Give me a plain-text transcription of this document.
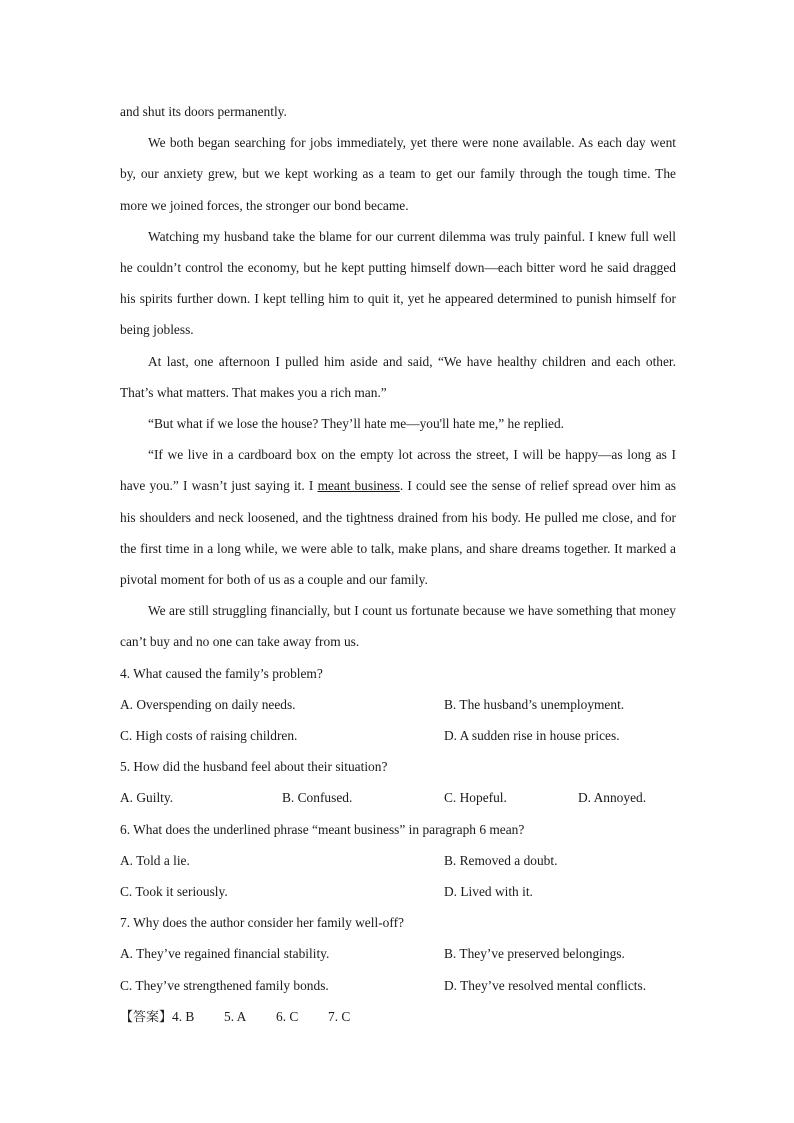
and shut its doors permanently.
We both began searching for jobs immediately, yet there were none available. As each day went by, our anxiety grew, but we kept working as a team to get our family through the tough time. The more we joined forces, the stronger our bond became.
Watching my husband take the blame for our current dilemma was truly painful. I knew full well he couldn’t control the economy, but he kept putting himself down—each bitter word he said dragged his spirits further down. I kept telling him to quit it, yet he appeared determined to punish himself for being jobless.
At last, one afternoon I pulled him aside and said, “We have healthy children and each other. That’s what matters. That makes you a rich man.”
“But what if we lose the house? They’ll hate me—you'll hate me,” he replied.
“If we live in a cardboard box on the empty lot across the street, I will be happy—as long as I have you.” I wasn’t just saying it. I meant business. I could see the sense of relief spread over him as his shoulders and neck loosened, and the tightness drained from his body. He pulled me close, and for the first time in a long while, we were able to talk, make plans, and share dreams together. It marked a pivotal moment for both of us as a couple and our family.
We are still struggling financially, but I count us fortunate because we have something that money can’t buy and no one can take away from us.
4. What caused the family’s problem?
A. Overspending on daily needs.	B. The husband’s unemployment.
C. High costs of raising children.	D. A sudden rise in house prices.
5. How did the husband feel about their situation?
A. Guilty.	B. Confused.	C. Hopeful.	D. Annoyed.
6. What does the underlined phrase “meant business” in paragraph 6 mean?
A. Told a lie.	B. Removed a doubt.
C. Took it seriously.	D. Lived with it.
7. Why does the author consider her family well-off?
A. They’ve regained financial stability.	B. They’ve preserved belongings.
C. They’ve strengthened family bonds.	D. They’ve resolved mental conflicts.
【答案】4. B 5. A 6. C 7. C
